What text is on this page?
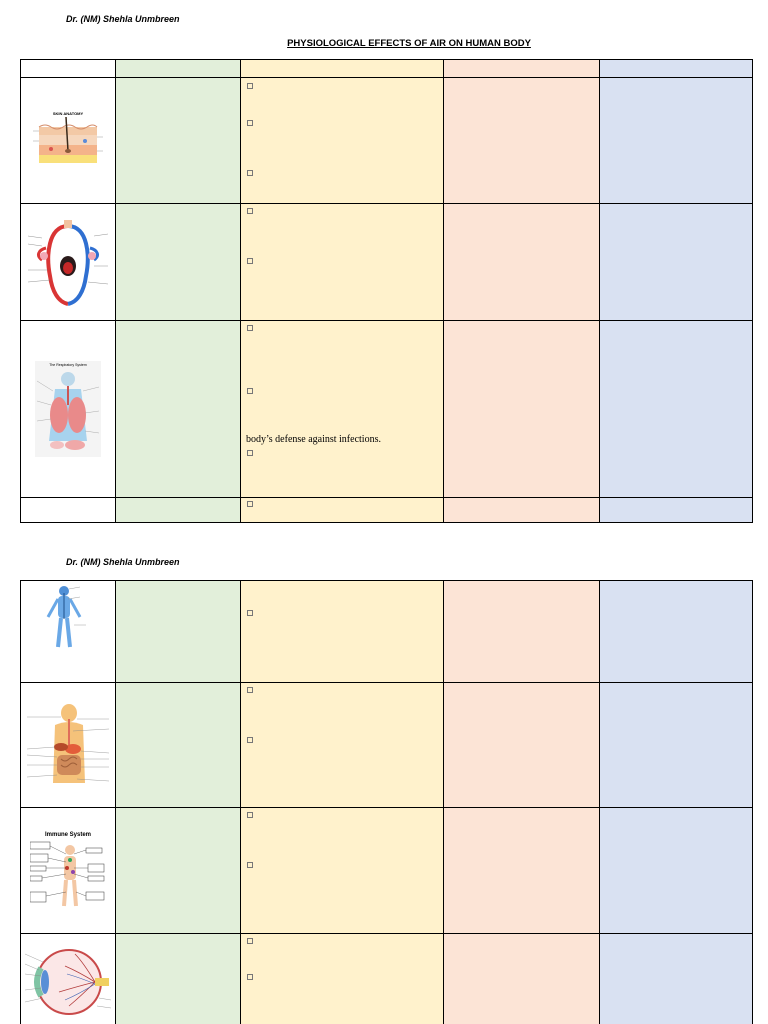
Dr. (NM) Shehla Unmbreen
PHYSIOLOGICAL EFFECTS OF AIR ON HUMAN BODY

SKIN ANATOMY				

The Respiratory System		body’s defense against infections.		

Dr. (NM) Shehla Unmbreen

Immune System				
